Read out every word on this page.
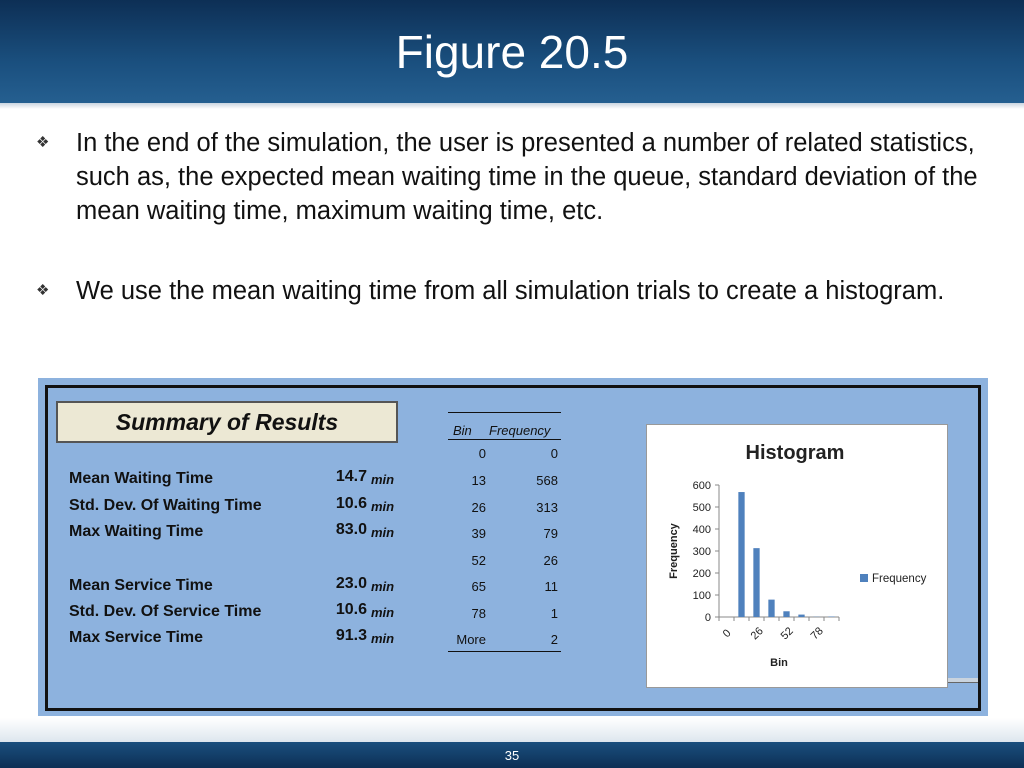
Figure 20.5
❖ In the end of the simulation, the user is presented a number of related statistics, such as, the expected mean waiting time in the queue, standard deviation of the mean waiting time, maximum waiting time, etc.
❖ We use the mean waiting time from all simulation trials to create a histogram.
Summary of Results
Mean Waiting Time	14.7 min
Std. Dev. Of Waiting Time	10.6 min
Max Waiting Time	83.0 min
Mean Service Time	23.0 min
Std. Dev. Of Service Time	10.6 min
Max Service Time	91.3 min
Bin Frequency
0	0
13	568
26	313
39	79
52	26
65	11
78	1
More	2
Histogram
0
100
200
300
400
500
600
0 26 52 78
Bin
Frequency
Frequency
35
